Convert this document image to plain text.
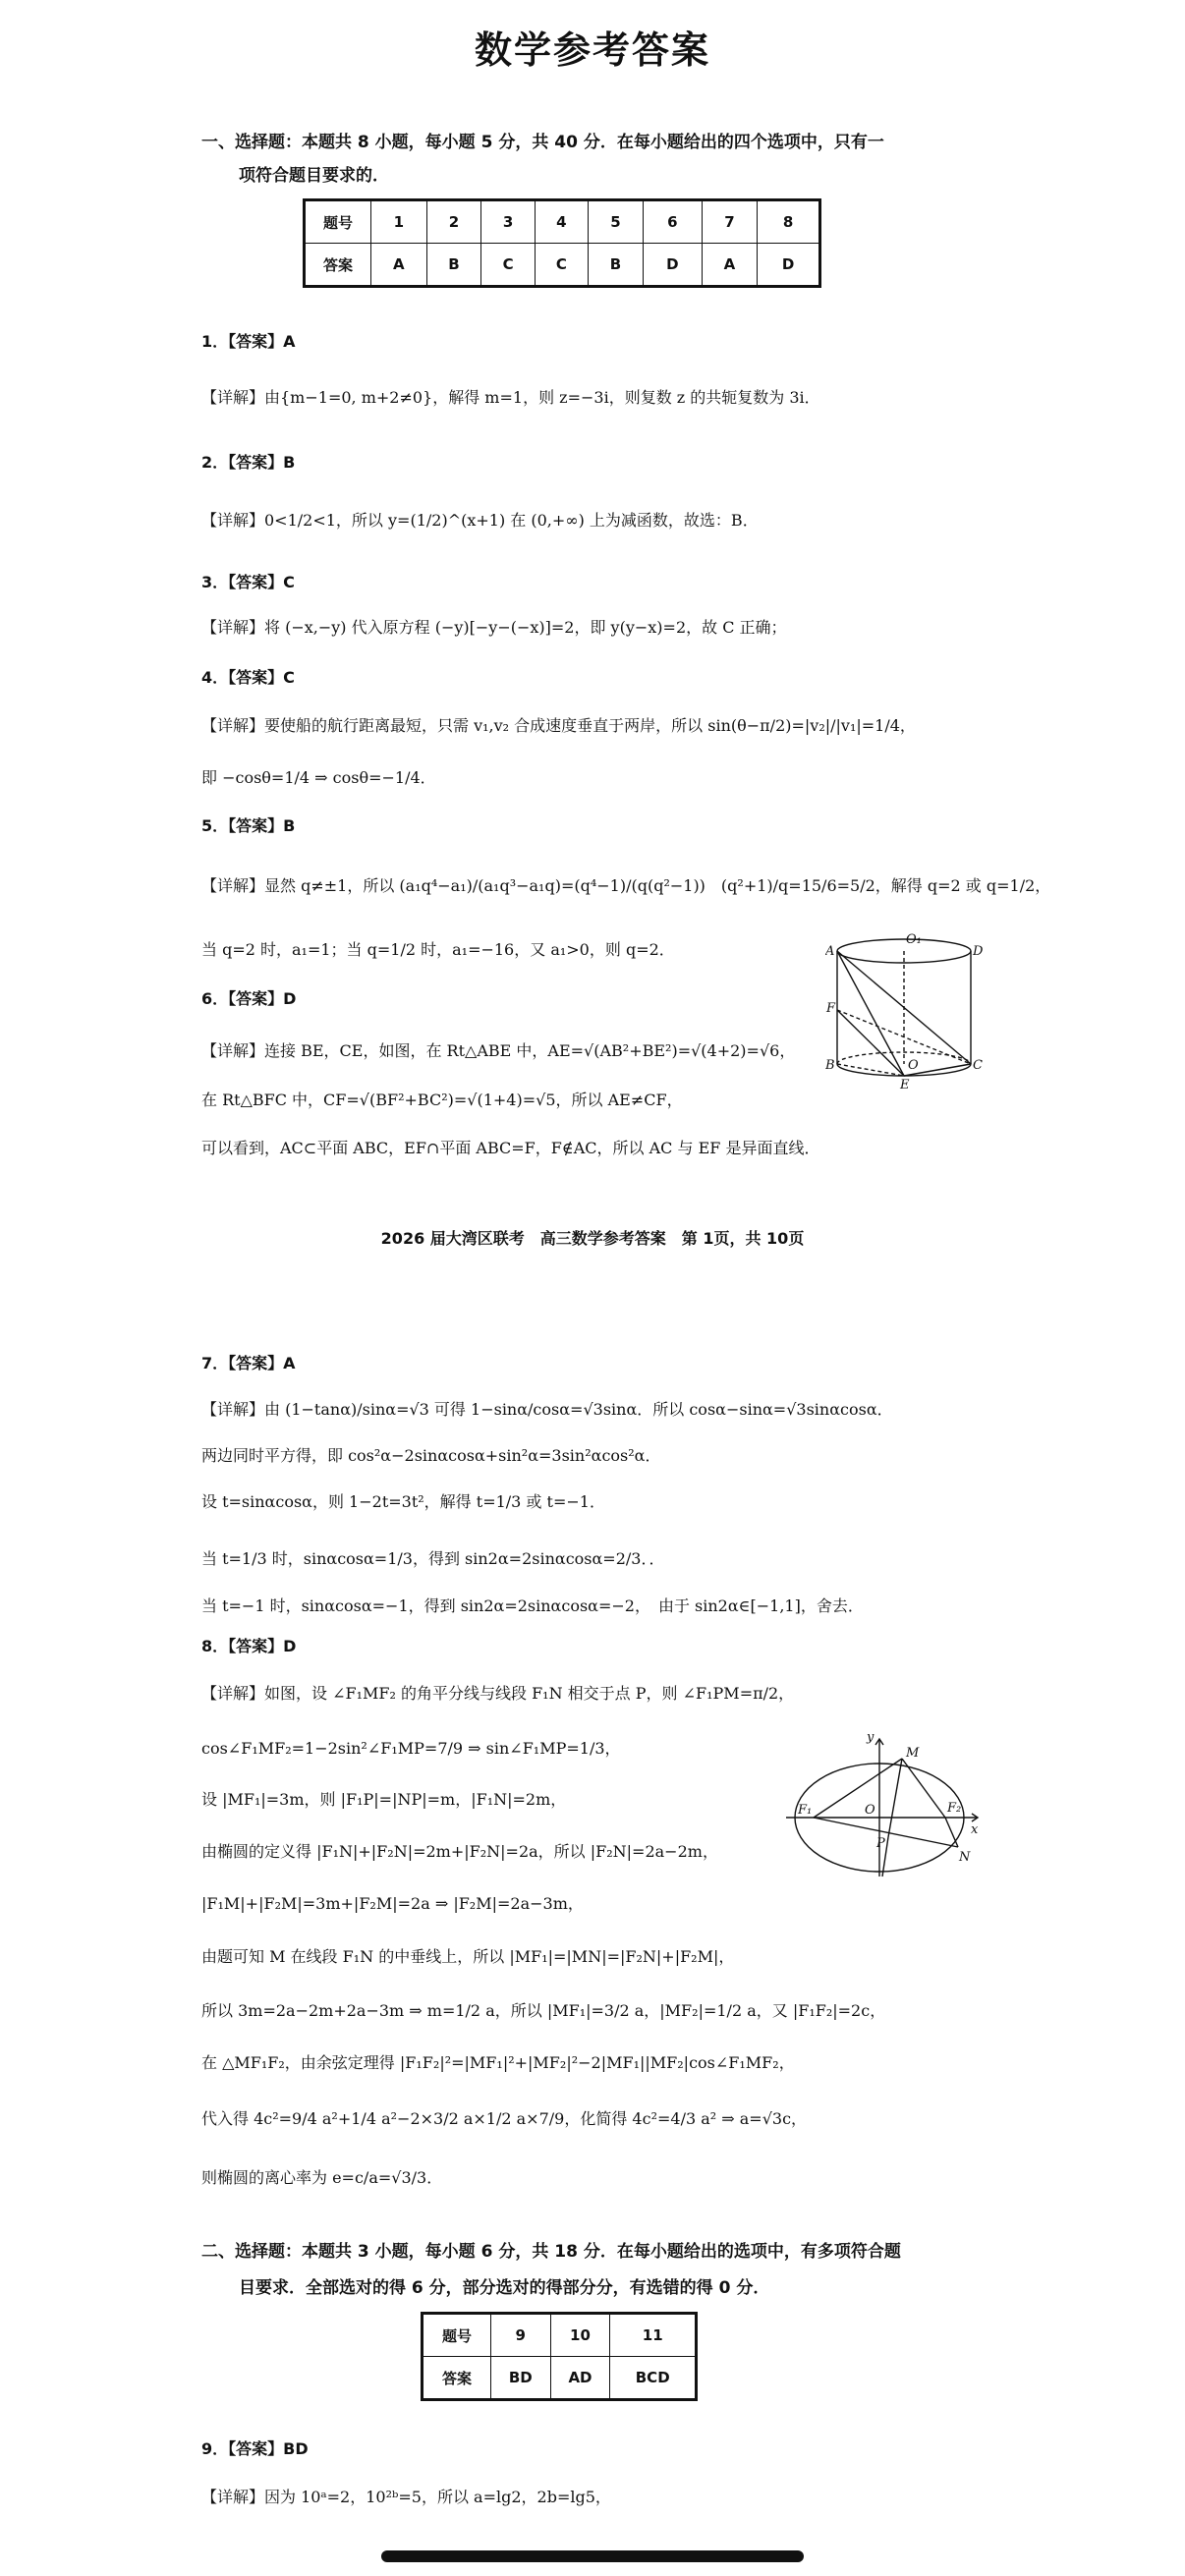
数学参考答案
一、选择题：本题共 8 小题，每小题 5 分，共 40 分．在每小题给出的四个选项中，只有一
项符合题目要求的．
题号	1	2	3	4	5	6	7	8
答案	A	B	C	C	B	D	A	D
1．【答案】A
【详解】由{m−1=0, m+2≠0}，解得 m=1，则 z=−3i，则复数 z 的共轭复数为 3i．
2．【答案】B
【详解】0<1/2<1，所以 y=(1/2)^(x+1) 在 (0,+∞) 上为减函数，故选：B．
3．【答案】C
【详解】将 (−x,−y) 代入原方程 (−y)[−y−(−x)]=2，即 y(y−x)=2，故 C 正确；
4．【答案】C
【详解】要使船的航行距离最短，只需 v₁,v₂ 合成速度垂直于两岸，所以 sin(θ−π/2)=|v₂|/|v₁|=1/4，
即 −cosθ=1/4 ⇒ cosθ=−1/4．
5．【答案】B
【详解】显然 q≠±1，所以 (a₁q⁴−a₁)/(a₁q³−a₁q)=(q⁴−1)/(q(q²−1))　(q²+1)/q=15/6=5/2，解得 q=2 或 q=1/2，
当 q=2 时，a₁=1；当 q=1/2 时，a₁=−16，又 a₁>0，则 q=2．
6．【答案】D
【详解】连接 BE，CE，如图，在 Rt△ABE 中，AE=√(AB²+BE²)=√(4+2)=√6，
在 Rt△BFC 中，CF=√(BF²+BC²)=√(1+4)=√5，所以 AE≠CF，
可以看到，AC⊂平面 ABC，EF∩平面 ABC=F，F∉AC，所以 AC 与 EF 是异面直线．
A
O₁
D
F
B	O	C
E
2026 届大湾区联考　高三数学参考答案　第 1页，共 10页
7．【答案】A
【详解】由 (1−tanα)/sinα=√3 可得 1−sinα/cosα=√3sinα．所以 cosα−sinα=√3sinαcosα．
两边同时平方得，即 cos²α−2sinαcosα+sin²α=3sin²αcos²α．
设 t=sinαcosα，则 1−2t=3t²，解得 t=1/3 或 t=−1．
当 t=1/3 时，sinαcosα=1/3，得到 sin2α=2sinαcosα=2/3．．
当 t=−1 时，sinαcosα=−1，得到 sin2α=2sinαcosα=−2，　由于 sin2α∈[−1,1]，舍去．
8．【答案】D
【详解】如图，设 ∠F₁MF₂ 的角平分线与线段 F₁N 相交于点 P，则 ∠F₁PM=π/2，
cos∠F₁MF₂=1−2sin²∠F₁MP=7/9 ⇒ sin∠F₁MP=1/3，
设 |MF₁|=3m，则 |F₁P|=|NP|=m，|F₁N|=2m，
由椭圆的定义得 |F₁N|+|F₂N|=2m+|F₂N|=2a，所以 |F₂N|=2a−2m，
|F₁M|+|F₂M|=3m+|F₂M|=2a ⇒ |F₂M|=2a−3m，
由题可知 M 在线段 F₁N 的中垂线上，所以 |MF₁|=|MN|=|F₂N|+|F₂M|，
所以 3m=2a−2m+2a−3m ⇒ m=1/2 a，所以 |MF₁|=3/2 a，|MF₂|=1/2 a，又 |F₁F₂|=2c，
在 △MF₁F₂，由余弦定理得 |F₁F₂|²=|MF₁|²+|MF₂|²−2|MF₁||MF₂|cos∠F₁MF₂，
代入得 4c²=9/4 a²+1/4 a²−2×3/2 a×1/2 a×7/9，化简得 4c²=4/3 a² ⇒ a=√3c，
则椭圆的离心率为 e=c/a=√3/3．
y
M
O
F₁	F₂
x
P
N
二、选择题：本题共 3 小题，每小题 6 分，共 18 分．在每小题给出的选项中，有多项符合题
目要求．全部选对的得 6 分，部分选对的得部分分，有选错的得 0 分．
题号	9	10	11
答案	BD	AD	BCD
9．【答案】BD
【详解】因为 10ᵃ=2，10²ᵇ=5，所以 a=lg2，2b=lg5，
